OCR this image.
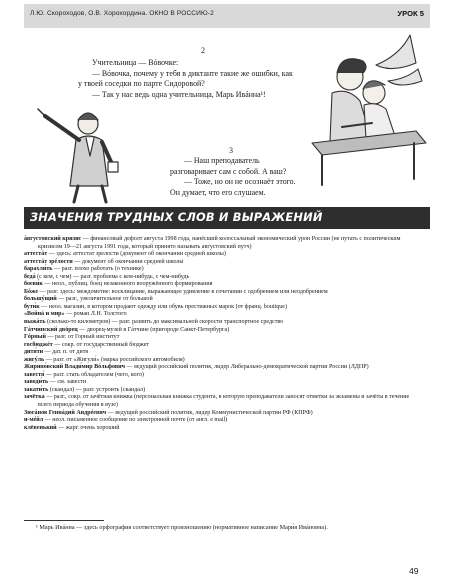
Л.Ю. Скороходов, О.В. Хорохордина. ОКНО В РОССИЮ-2	УРОК 5
2

Учительница — Вóвочке:

— Вóвочка, почему у тебя в диктанте такие же ошибки, как у твоей соседки по парте Сидоровой?

— Так у нас ведь одна учительница, Марь Ивáнна¹!

3

— Наш преподаватель разговаривает сам с собой. А ваш?

— Тоже, но он не осознаёт этого. Он думает, что его слушаем.

ЗНАЧЕНИЯ ТРУДНЫХ СЛОВ И ВЫРАЖЕНИЙ
áвгустовский кризис — финансовый дефолт августа 1998 года, нанёсший колоссальный экономический урон России (не путать с политическим кризисом 19—21 августа 1991 года, который принято называть августовский путч)
аттестáт — здесь: аттестат зрелости (документ об окончании средней школы)
аттестáт зрéлости — документ об окончании средней школы
бараxли́ть — разг. плохо работать (о технике)
бедá (с кем, с чем) — разг. проблема с кем-нибудь, с чем-нибудь
боеви́к — неол., публиц. бое́ц незаконного вооружённого формирования
Бóже — разг. здесь: междометие: восклицание, выражающее удивление в сочетании с одобрением или неодобрением
большýщий — разг., увеличительное от большой
бути́к — неол. магазин, в котором продают одежду или обувь престижных марок (от франц. boutique)
«Войнá и мир» — роман Л.Н. Толстого
выжáть (сколько-то километров) — разг. развить до максимальной скорости транспортное средство
Гáтчинский двóрец — дворец-музей в Гáтчине (пригороде Санкт-Петербурга)
Гóрный — разг. от Горный институт
госбюджéт — сокр. от государственный бюджет
дитя́ти — дат. п. от дитя
жигýль — разг. от «Жигули́» (марка российского автомобиля)
Жирино́вский Влади́мир Вóльфович — ведущий российский политик, лидер Либерально-демократической партии России (ЛДПР)
завестя́ — разг. стать обладателем (чего, кого)
заводи́ть — см. завести
закати́ть (скандал) — разг. устроить (скандал)
зачётка — разг., сокр. от зачётная книжка (персональная книжка студента, в которую преподаватели заносят отметки за экзамены и зачёты в течение всего периода обучения в вузе)
Зюгáнов Геннáдий Андрéевич — ведущий российский политик, лидер Коммунистической партии РФ (КПРФ)
и-мéйл — неол. письменное сообщение по электронной почте (от англ. e mail)
клёвенький — жарг. очень хороший
¹ Марь Ивáнна — здесь орфография соответствует произношению (нормативное написание Мари́я Ивáновна).
49
